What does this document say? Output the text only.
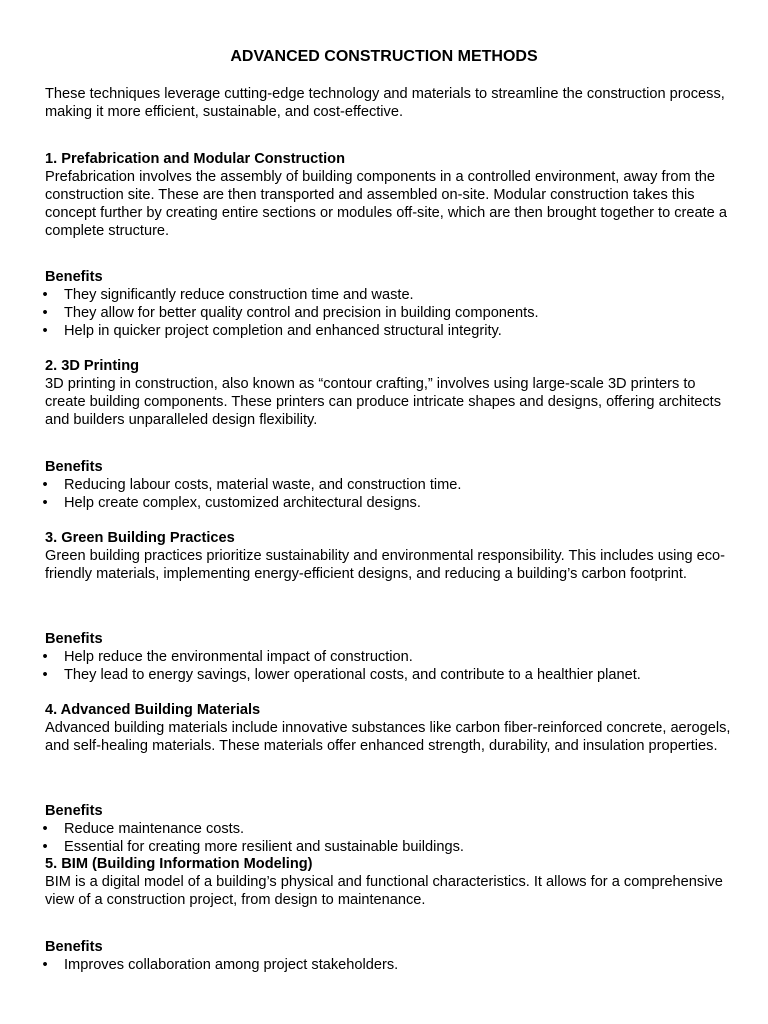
ADVANCED CONSTRUCTION METHODS

These techniques leverage cutting-edge technology and materials to streamline the construction process, making it more efficient, sustainable, and cost-effective.

1. Prefabrication and Modular Construction

Prefabrication involves the assembly of building components in a controlled environment, away from the construction site. These are then transported and assembled on-site. Modular construction takes this concept further by creating entire sections or modules off-site, which are then brought together to create a complete structure.

Benefits

• They significantly reduce construction time and waste.
• They allow for better quality control and precision in building components.
• Help in quicker project completion and enhanced structural integrity.

2. 3D Printing

3D printing in construction, also known as “contour crafting,” involves using large-scale 3D printers to create building components. These printers can produce intricate shapes and designs, offering architects and builders unparalleled design flexibility.

Benefits

• Reducing labour costs, material waste, and construction time.
• Help create complex, customized architectural designs.

3. Green Building Practices

Green building practices prioritize sustainability and environmental responsibility. This includes using eco-friendly materials, implementing energy-efficient designs, and reducing a building’s carbon footprint.

Benefits

• Help reduce the environmental impact of construction.
• They lead to energy savings, lower operational costs, and contribute to a healthier planet.

4. Advanced Building Materials

Advanced building materials include innovative substances like carbon fiber-reinforced concrete, aerogels, and self-healing materials. These materials offer enhanced strength, durability, and insulation properties.

Benefits

• Reduce maintenance costs.
• Essential for creating more resilient and sustainable buildings.

5. BIM (Building Information Modeling)

BIM is a digital model of a building’s physical and functional characteristics. It allows for a comprehensive view of a construction project, from design to maintenance.

Benefits

• Improves collaboration among project stakeholders.
